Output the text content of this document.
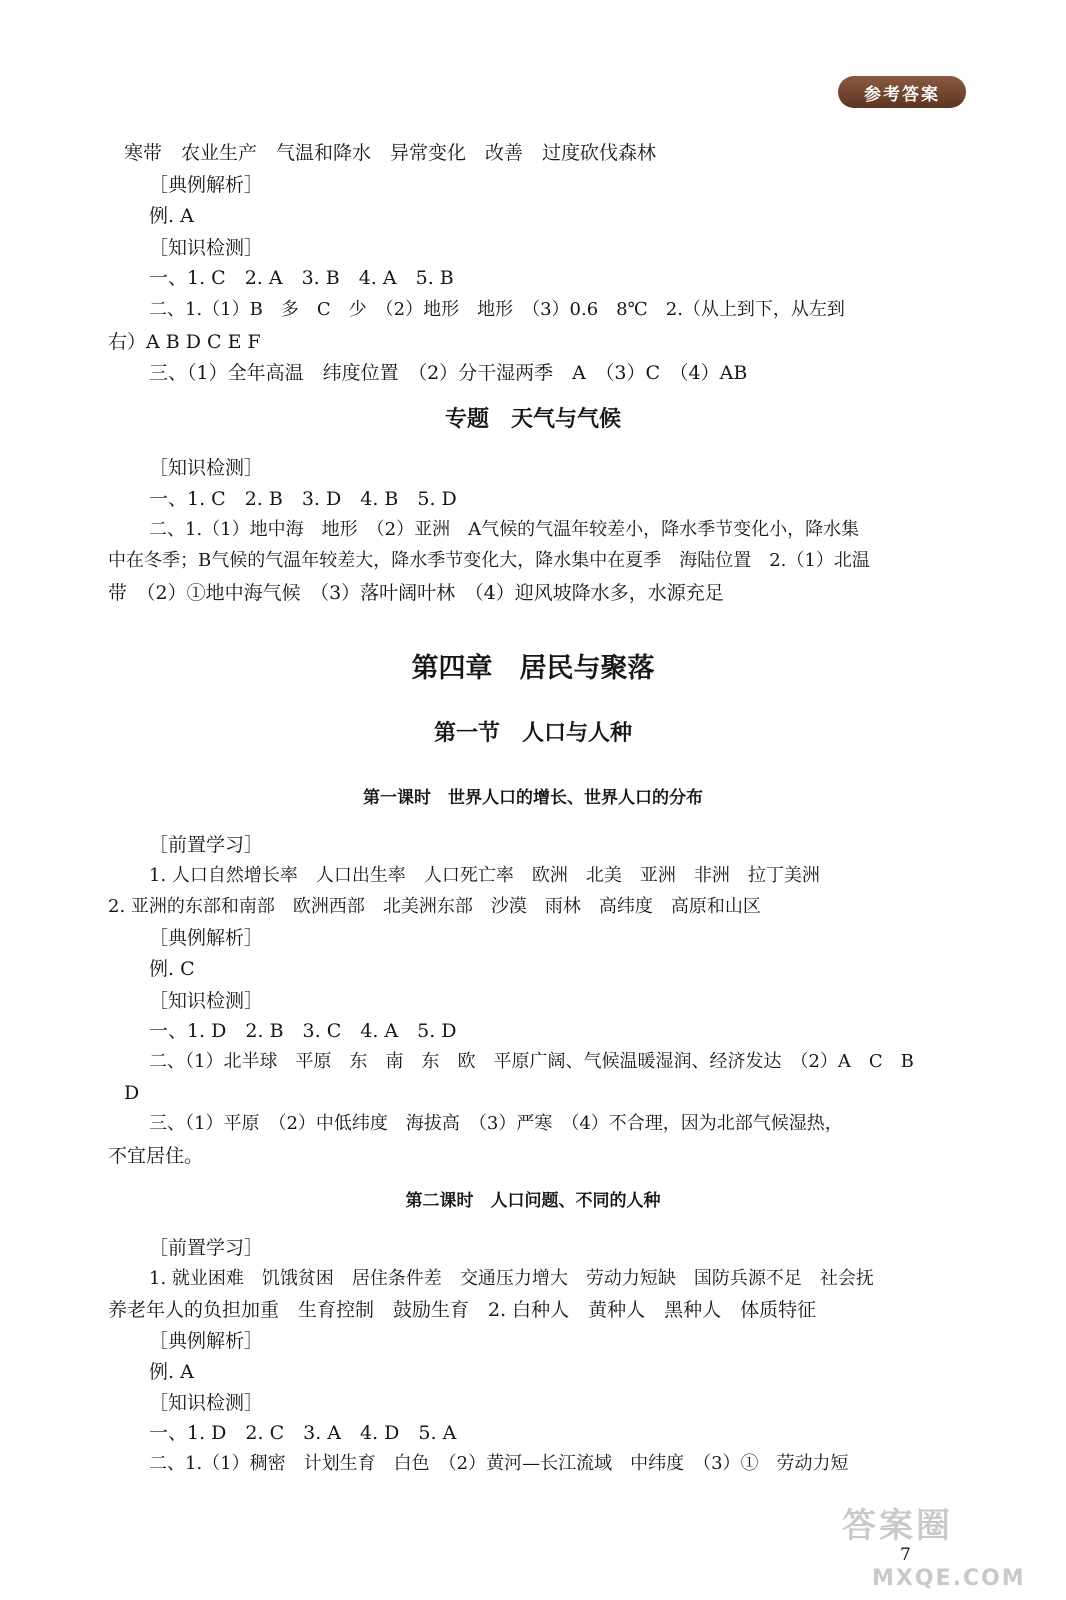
参考答案
寒带　农业生产　气温和降水　异常变化　改善　过度砍伐森林
［典例解析］
例. A
［知识检测］
一、1. C　2. A　3. B　4. A　5. B
二、1.（1）B　多　C　少　（2）地形　地形　（3）0.6　8℃　2.（从上到下，从左到
右）A B D C E F
三、（1）全年高温　纬度位置　（2）分干湿两季　A　（3）C　（4）AB
专题　天气与气候
［知识检测］
一、1. C　2. B　3. D　4. B　5. D
二、1.（1）地中海　地形　（2）亚洲　A气候的气温年较差小，降水季节变化小，降水集
中在冬季；B气候的气温年较差大，降水季节变化大，降水集中在夏季　海陆位置　2.（1）北温
带　（2）①地中海气候　（3）落叶阔叶林　（4）迎风坡降水多，水源充足
第四章　居民与聚落
第一节　人口与人种
第一课时　世界人口的增长、世界人口的分布
［前置学习］
1. 人口自然增长率　人口出生率　人口死亡率　欧洲　北美　亚洲　非洲　拉丁美洲
2. 亚洲的东部和南部　欧洲西部　北美洲东部　沙漠　雨林　高纬度　高原和山区
［典例解析］
例. C
［知识检测］
一、1. D　2. B　3. C　4. A　5. D
二、（1）北半球　平原　东　南　东　欧　平原广阔、气候温暖湿润、经济发达　（2）A　C　B
D
三、（1）平原　（2）中低纬度　海拔高　（3）严寒　（4）不合理，因为北部气候湿热，
不宜居住。
第二课时　人口问题、不同的人种
［前置学习］
1. 就业困难　饥饿贫困　居住条件差　交通压力增大　劳动力短缺　国防兵源不足　社会抚
养老年人的负担加重　生育控制　鼓励生育　2. 白种人　黄种人　黑种人　体质特征
［典例解析］
例. A
［知识检测］
一、1. D　2. C　3. A　4. D　5. A
二、1.（1）稠密　计划生育　白色　（2）黄河—长江流域　中纬度　（3）①　劳动力短
答案圈
7
MXQE.COM
